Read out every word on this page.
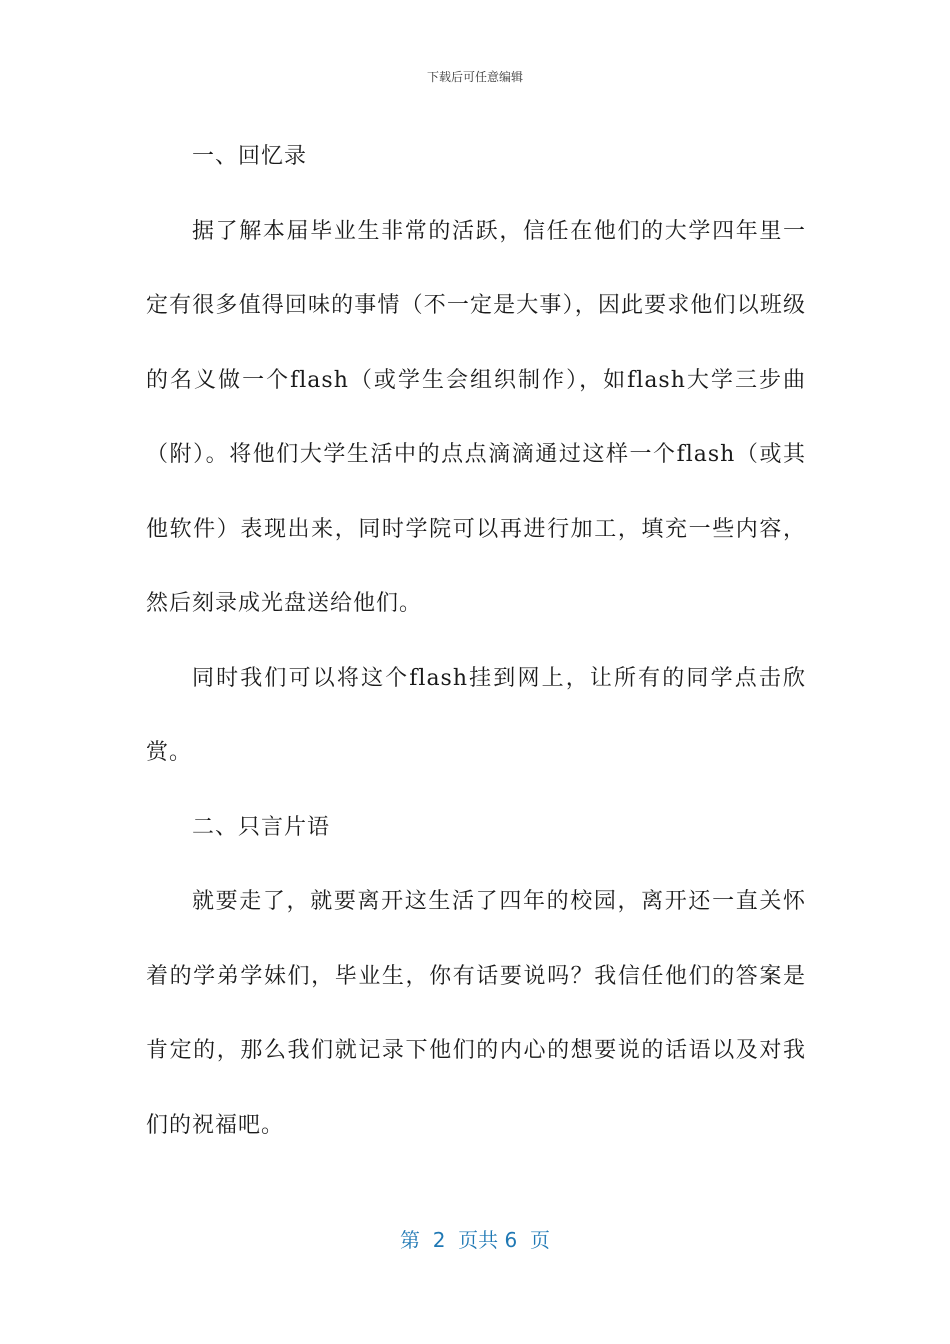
下载后可任意编辑

一、回忆录

据了解本届毕业生非常的活跃，信任在他们的大学四年里一定有很多值得回味的事情（不一定是大事），因此要求他们以班级的名义做一个flash（或学生会组织制作），如flash大学三步曲（附）。将他们大学生活中的点点滴滴通过这样一个flash（或其他软件）表现出来，同时学院可以再进行加工，填充一些内容，然后刻录成光盘送给他们。

同时我们可以将这个flash挂到网上，让所有的同学点击欣赏。

二、只言片语

就要走了，就要离开这生活了四年的校园，离开还一直关怀着的学弟学妹们，毕业生，你有话要说吗？我信任他们的答案是肯定的，那么我们就记录下他们的内心的想要说的话语以及对我们的祝福吧。

第  2  页共 6  页
